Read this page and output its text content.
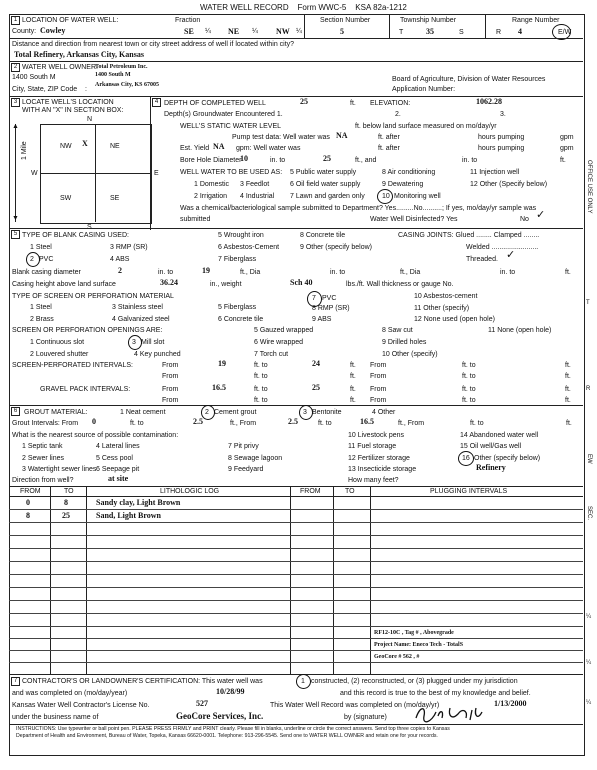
WATER WELL RECORD Form WWC-5 KSA 82a-1212
1 LOCATION OF WATER WELL:
County: Cowley
Fraction
SE ¼ NE ¼ NW ¼
Section Number
5
Township Number
T	35	S
Range Number
R 4	E/W
Distance and direction from nearest town or city street address of well if located within city?
Total Refinery, Arkansas City, Kansas
2 WATER WELL OWNER:
Total Petroleum Inc.
1400 South M	1400 South M
City, State, ZIP Code :
Arkansas City, KS 67005
Board of Agriculture, Division of Water Resources
Application Number:
3 LOCATE WELL'S LOCATION
WITH AN "X" IN SECTION BOX:
N
NW X	NE
SW	SE
W	E
S
▲
▼
1 Mile
4 DEPTH OF COMPLETED WELL	25	ft. ELEVATION:	1062.28
Depth(s) Groundwater Encountered 1.	2.	3.
WELL'S STATIC WATER LEVEL	ft. below land surface measured on mo/day/yr
Pump test data: Well water was NA	ft. after	hours pumping	gpm
Est. Yield NA gpm: Well water was	ft. after	hours pumping	gpm
Bore Hole Diameter
10	in. to	25	ft., and	in. to	ft.
WELL WATER TO BE USED AS: 5 Public water supply	8 Air conditioning	11 Injection well
1 Domestic 3 Feedlot	6 Oil field water supply	9 Dewatering	12 Other (Specify below)
2 Irrigation 4 Industrial 7 Lawn and garden only 10 Monitoring well
Was a chemical/bacteriological sample submitted to Department? Yes.........No..........; If yes, mo/day/yr sample was
submitted	Water Well Disinfected? Yes	No ✓
5 TYPE OF BLANK CASING USED:
1 Steel	3 RMP (SR)
5 Wrought iron	8 Concrete tile
2 PVC	4 ABS
6 Asbestos-Cement
7 Fiberglass
9 Other (specify below)
CASING JOINTS: Glued ........ Clamped ........
Welded ........................
Threaded. ✓
Blank casing diameter	2	in. to	19	ft., Dia	in. to	ft., Dia	in. to	ft.
Casing height above land surface	36.24	in., weight	Sch 40	lbs./ft. Wall thickness or gauge No.
TYPE OF SCREEN OR PERFORATION MATERIAL
1 Steel	3 Stainless steel	5 Fiberglass
7 PVC	10 Asbestos-cement
2 Brass	4 Galvanized steel	6 Concrete tile
8 RMP (SR)
9 ABS
11 Other (specify)
12 None used (open hole)
SCREEN OR PERFORATION OPENINGS ARE:	5 Gauzed wrapped	8 Saw cut	11 None (open hole)
1 Continuous slot	3 Mill slot	6 Wire wrapped	9 Drilled holes
2 Louvered shutter	4 Key punched	7 Torch cut	10 Other (specify)
SCREEN-PERFORATED INTERVALS:	From	19	ft. to	24	ft. From	ft. to	ft.
From	ft. to	ft. From	ft. to	ft.
GRAVEL PACK INTERVALS:	From	16.5	ft. to	25	ft. From	ft. to	ft.
From	ft. to	ft. From	ft. to	ft.
6 GROUT MATERIAL:	1 Neat cement	2 Cement grout	3 Bentonite	4 Other
Grout Intervals: From 0	ft. to	2.5	ft., From	2.5	ft. to	16.5	ft., From	ft. to	ft.
What is the nearest source of possible contamination:
1 Septic tank	4 Lateral lines	7 Pit privy
10 Livestock pens	14 Abandoned water well
2 Sewer lines	5 Cess pool	8 Sewage lagoon
11 Fuel storage	15 Oil well/Gas well
3 Watertight sewer lines 6 Seepage pit	9 Feedyard
12 Fertilizer storage	16 Other (specify below)
13 Insecticide storage	Refinery
Direction from well?	at site	How many feet?
FROM	TO	LITHOLOGIC LOG	FROM	TO	PLUGGING INTERVALS
0	8	Sandy clay, Light Brown
8	25	Sand, Light Brown
RF12-10C , Tag # , Abovegrade
Project Name: Eneco Tech - TotalS
GeoCore # 562 , #
7 CONTRACTOR'S OR LANDOWNER'S CERTIFICATION: This water well was	1 constructed, (2) reconstructed, or (3) plugged under my jurisdiction
and was completed on (mo/day/year)	10/28/99	and this record is true to the best of my knowledge and belief.
Kansas Water Well Contractor's License No.	527	This Water Well Record was completed on (mo/day/yr)	1/13/2000
under the business name of	GeoCore Services, Inc.	by (signature)
INSTRUCTIONS: Use typewriter or ball point pen. PLEASE PRESS FIRMLY and PRINT clearly. Please fill in blanks, underline or circle the correct answers. Send top three copies to Kansas
Department of Health and Environment, Bureau of Water, Topeka, Kansas 66620-0001. Telephone: 913-296-5545. Send one to WATER WELL OWNER and retain one for your records.
OFFICE USE ONLY
T
R
EW
SEC.
¼
¼
¼
